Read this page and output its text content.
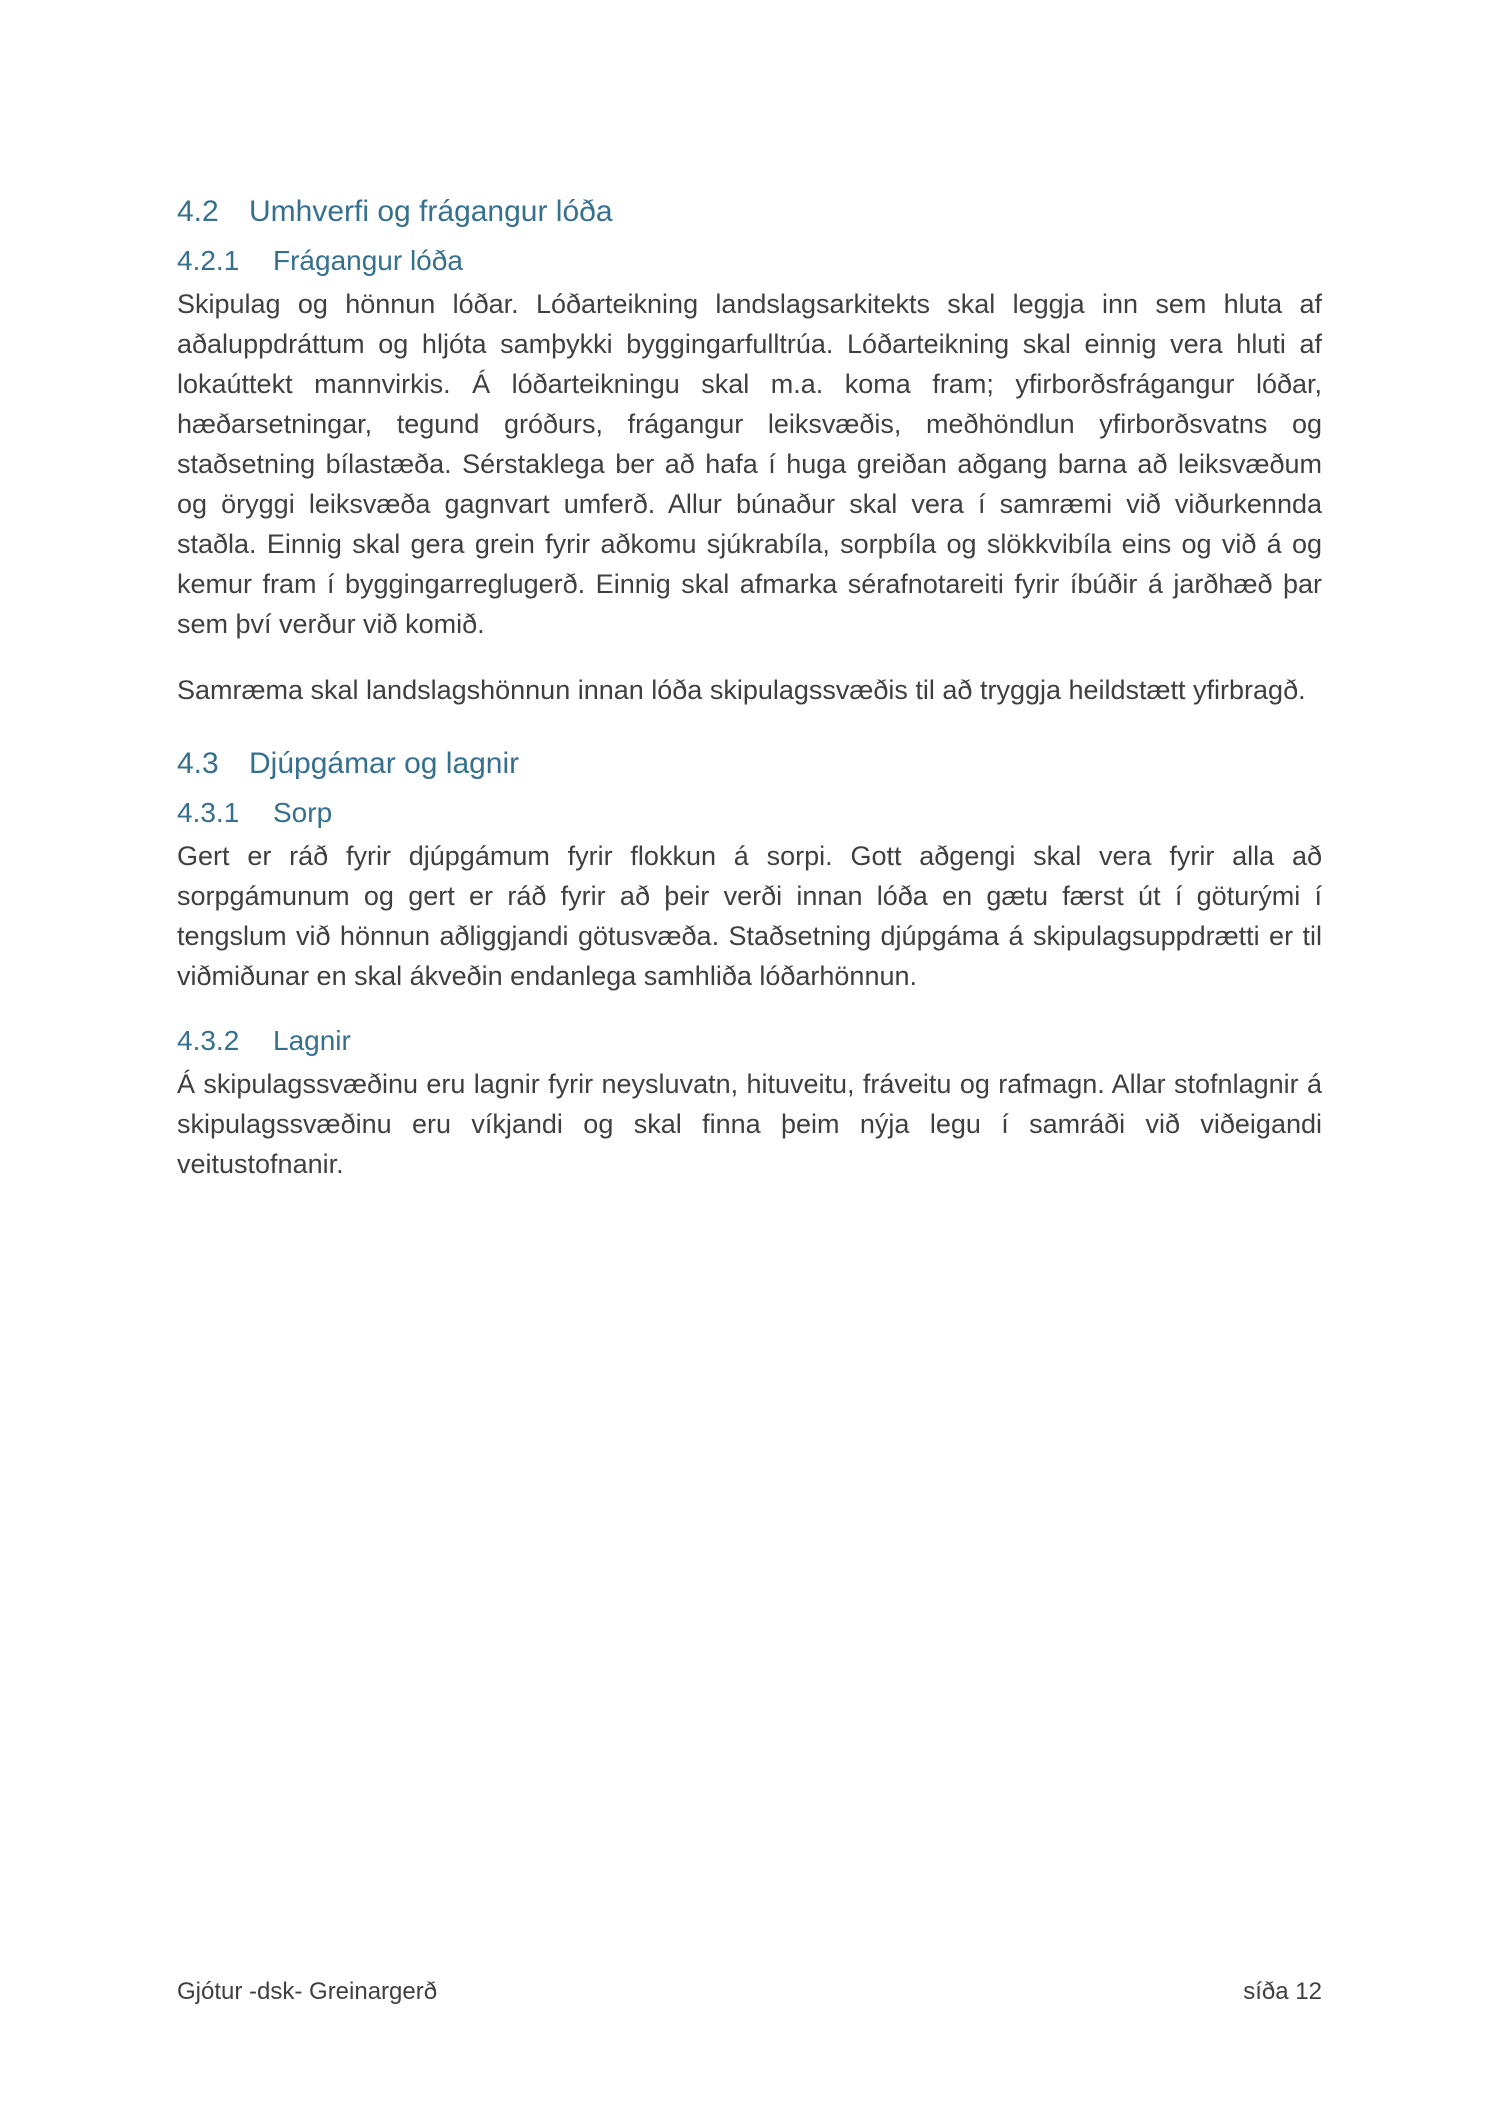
4.2	Umhverfi og frágangur lóða
4.2.1	Frágangur lóða

Skipulag og hönnun lóðar. Lóðarteikning landslagsarkitekts skal leggja inn sem hluta af aðaluppdráttum og hljóta samþykki byggingarfulltrúa. Lóðarteikning skal einnig vera hluti af lokaúttekt mannvirkis. Á lóðarteikningu skal m.a. koma fram; yfirborðsfrágangur lóðar, hæðarsetningar, tegund gróðurs, frágangur leiksvæðis, meðhöndlun yfirborðsvatns og staðsetning bílastæða. Sérstaklega ber að hafa í huga greiðan aðgang barna að leiksvæðum og öryggi leiksvæða gagnvart umferð. Allur búnaður skal vera í samræmi við viðurkennda staðla. Einnig skal gera grein fyrir aðkomu sjúkrabíla, sorpbíla og slökkvibíla eins og við á og kemur fram í byggingarreglugerð. Einnig skal afmarka sérafnotareiti fyrir íbúðir á jarðhæð þar sem því verður við komið.

Samræma skal landslagshönnun innan lóða skipulagssvæðis til að tryggja heildstætt yfirbragð.

4.3	Djúpgámar og lagnir
4.3.1	Sorp

Gert er ráð fyrir djúpgámum fyrir flokkun á sorpi. Gott aðgengi skal vera fyrir alla að sorpgámunum og gert er ráð fyrir að þeir verði innan lóða en gætu færst út í göturými í tengslum við hönnun aðliggjandi götusvæða. Staðsetning djúpgáma á skipulagsuppdrætti er til viðmiðunar en skal ákveðin endanlega samhliða lóðarhönnun.

4.3.2	Lagnir

Á skipulagssvæðinu eru lagnir fyrir neysluvatn, hituveitu, fráveitu og rafmagn. Allar stofnlagnir á skipulagssvæðinu eru víkjandi og skal finna þeim nýja legu í samráði við viðeigandi veitustofnanir.

Gjótur -dsk- Greinargerð	síða 12
